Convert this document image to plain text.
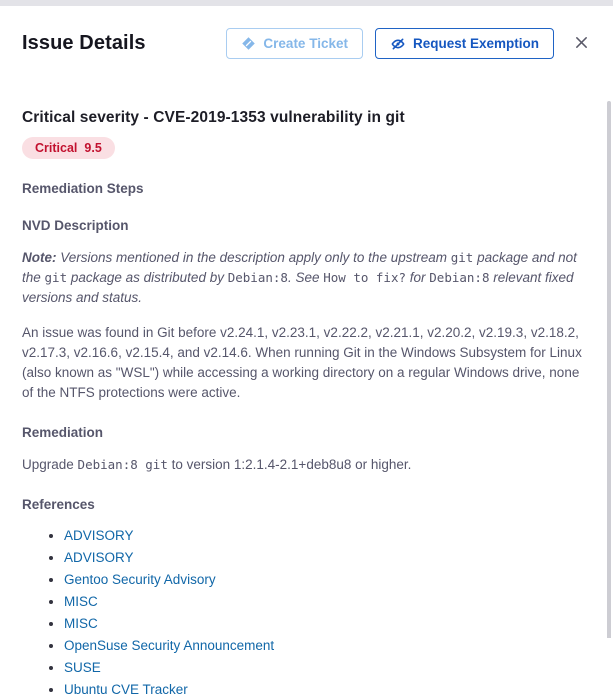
Issue Details	Create Ticket	Request Exemption
Critical severity - CVE-2019-1353 vulnerability in git
Critical 9.5
Remediation Steps
NVD Description

Note: Versions mentioned in the description apply only to the upstream git package and not the git package as distributed by Debian:8. See How to fix? for Debian:8 relevant fixed versions and status.

An issue was found in Git before v2.24.1, v2.23.1, v2.22.2, v2.21.1, v2.20.2, v2.19.3, v2.18.2, v2.17.3, v2.16.6, v2.15.4, and v2.14.6. When running Git in the Windows Subsystem for Linux (also known as "WSL") while accessing a working directory on a regular Windows drive, none of the NTFS protections were active.

Remediation

Upgrade Debian:8 git to version 1:2.1.4-2.1+deb8u8 or higher.

References
• ADVISORY
• ADVISORY
• Gentoo Security Advisory
• MISC
• MISC
• OpenSuse Security Announcement
• SUSE
• Ubuntu CVE Tracker
